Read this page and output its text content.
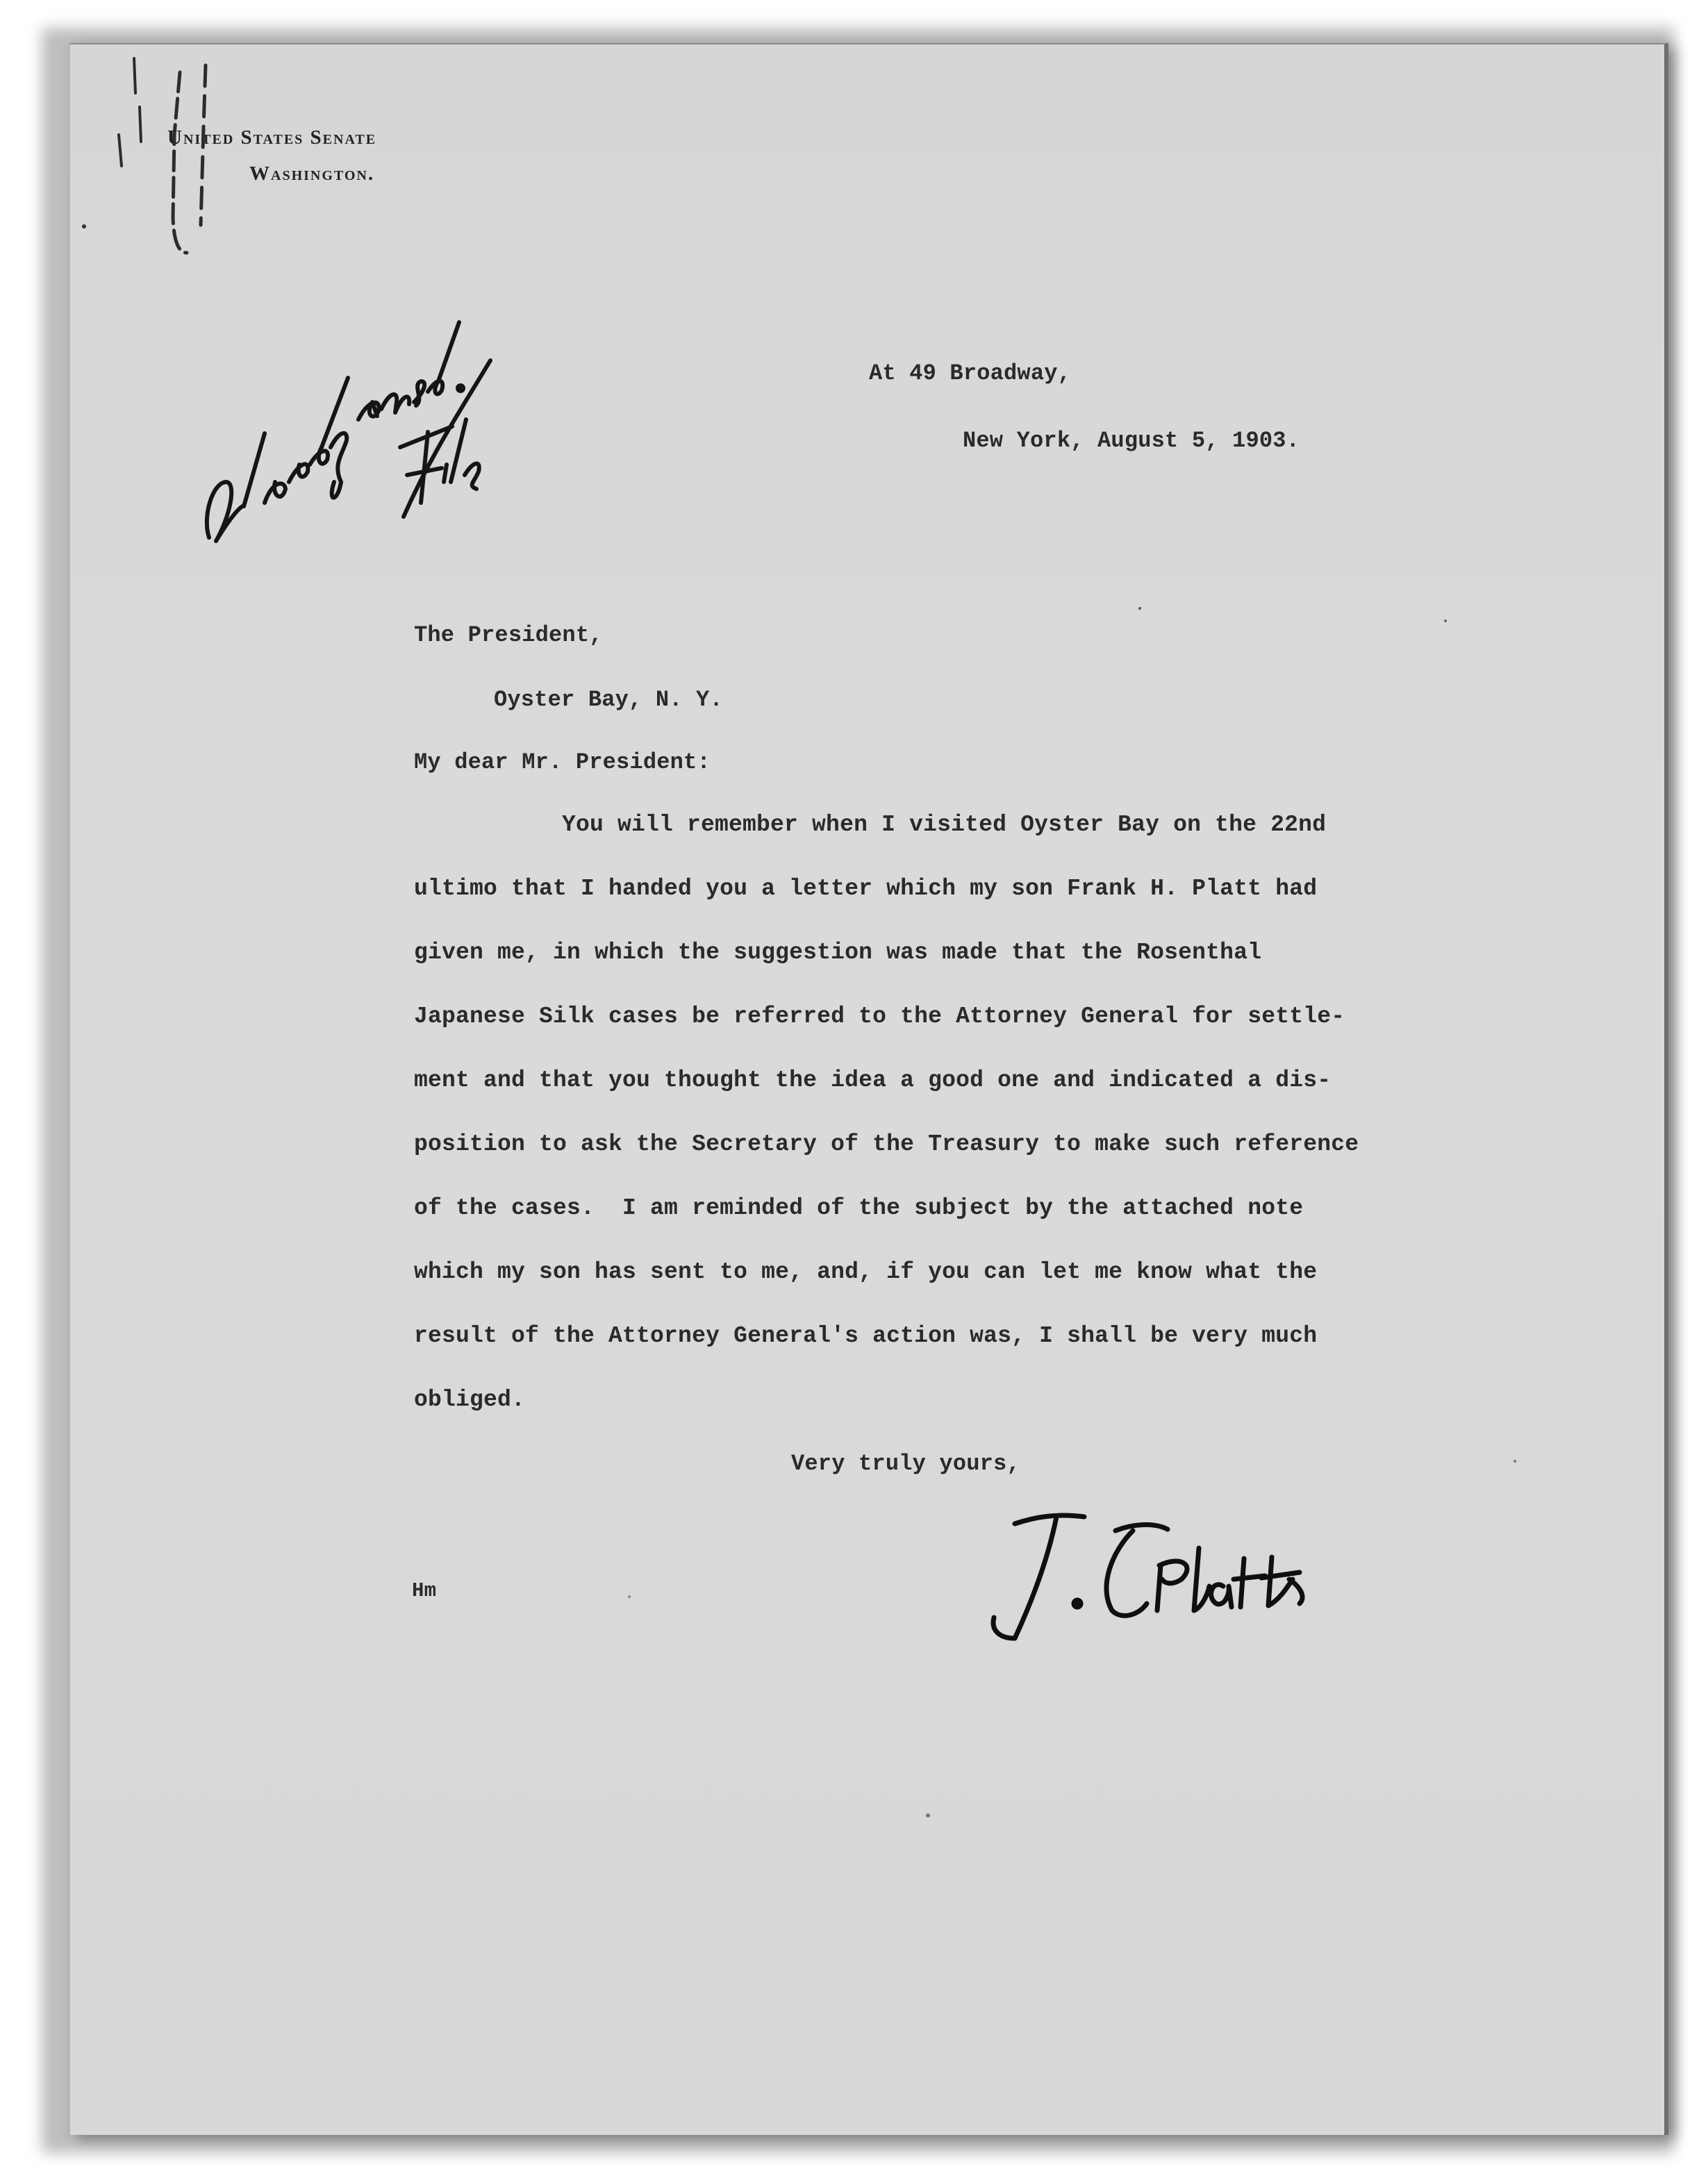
United States Senate
Washington.
At 49 Broadway,
New York, August 5, 1903.
The President,
Oyster Bay, N. Y.
My dear Mr. President:
You will remember when I visited Oyster Bay on the 22nd
ultimo that I handed you a letter which my son Frank H. Platt had
given me, in which the suggestion was made that the Rosenthal
Japanese Silk cases be referred to the Attorney General for settle-
ment and that you thought the idea a good one and indicated a dis-
position to ask the Secretary of the Treasury to make such reference
of the cases.  I am reminded of the subject by the attached note
which my son has sent to me, and, if you can let me know what the
result of the Attorney General's action was, I shall be very much
obliged.
Very truly yours,
Hm
